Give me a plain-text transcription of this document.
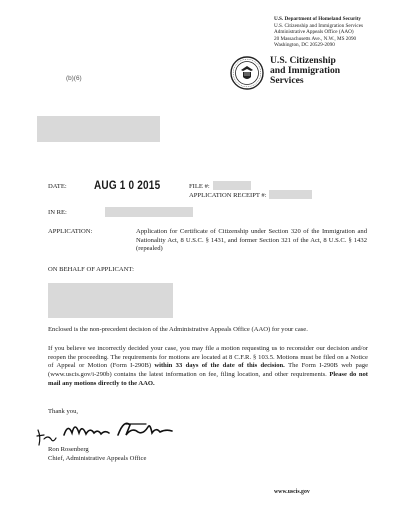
U.S. Department of Homeland Security
U.S. Citizenship and Immigration Services
Administrative Appeals Office (AAO)
20 Massachusetts Ave., N.W., MS 2090
Washington, DC 20529-2090
U.S. Citizenship
and Immigration
Services
(b)(6)
DATE:	AUG 1 0 2015	FILE #:
APPLICATION RECEIPT #:
IN RE:
APPLICATION:	Application for Certificate of Citizenship under Section 320 of the Immigration and Nationality Act, 8 U.S.C. § 1431, and former Section 321 of the Act, 8 U.S.C. § 1432 (repealed)
ON BEHALF OF APPLICANT:
Enclosed is the non-precedent decision of the Administrative Appeals Office (AAO) for your case.
If you believe we incorrectly decided your case, you may file a motion requesting us to reconsider our decision and/or reopen the proceeding. The requirements for motions are located at 8 C.F.R. § 103.5. Motions must be filed on a Notice of Appeal or Motion (Form I-290B) within 33 days of the date of this decision. The Form I-290B web page (www.uscis.gov/i-290b) contains the latest information on fee, filing location, and other requirements. Please do not mail any motions directly to the AAO.
Thank you,
Ron Rosenberg
Chief, Administrative Appeals Office
www.uscis.gov
